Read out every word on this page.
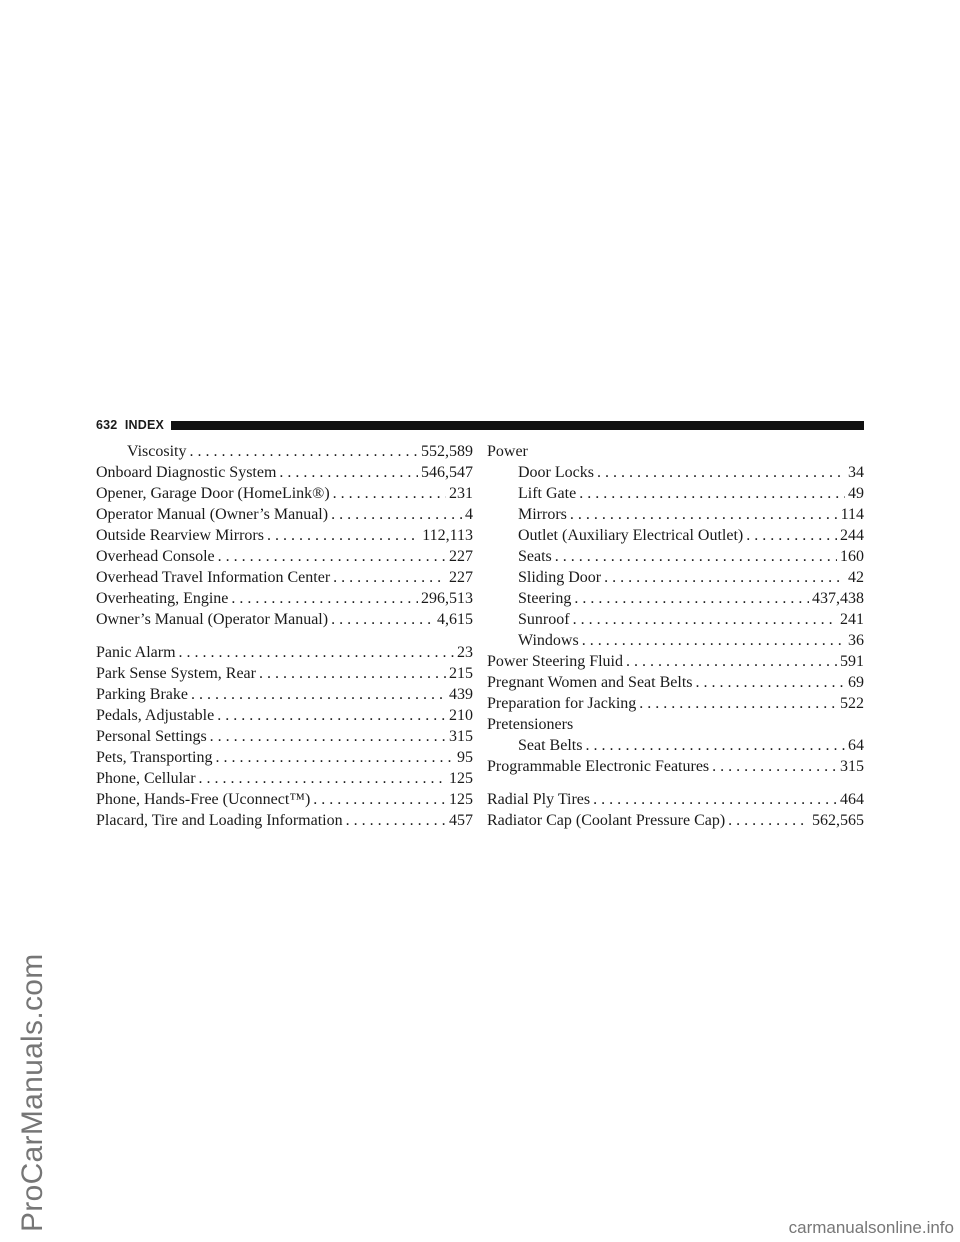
632 INDEX
Viscosity . . .	552,589
Onboard Diagnostic System . . .	546,547
Opener, Garage Door (HomeLink®) . . .	231
Operator Manual (Owner’s Manual) . . .	4
Outside Rearview Mirrors . . .	112,113
Overhead Console . . .	227
Overhead Travel Information Center . . .	227
Overheating, Engine . . .	296,513
Owner’s Manual (Operator Manual) . . .	4,615
Panic Alarm . . .	23
Park Sense System, Rear . . .	215
Parking Brake . . .	439
Pedals, Adjustable . . .	210
Personal Settings . . .	315
Pets, Transporting . . .	95
Phone, Cellular . . .	125
Phone, Hands-Free (Uconnect™) . . .	125
Placard, Tire and Loading Information . . .	457
Power
Door Locks . . .	34
Lift Gate . . .	49
Mirrors . . .	114
Outlet (Auxiliary Electrical Outlet) . . .	244
Seats . . .	160
Sliding Door . . .	42
Steering . . .	437,438
Sunroof . . .	241
Windows . . .	36
Power Steering Fluid . . .	591
Pregnant Women and Seat Belts . . .	69
Preparation for Jacking . . .	522
Pretensioners
Seat Belts . . .	64
Programmable Electronic Features . . .	315
Radial Ply Tires . . .	464
Radiator Cap (Coolant Pressure Cap) . . .	562,565
ProCarManuals.com	carmanualsonline.info
